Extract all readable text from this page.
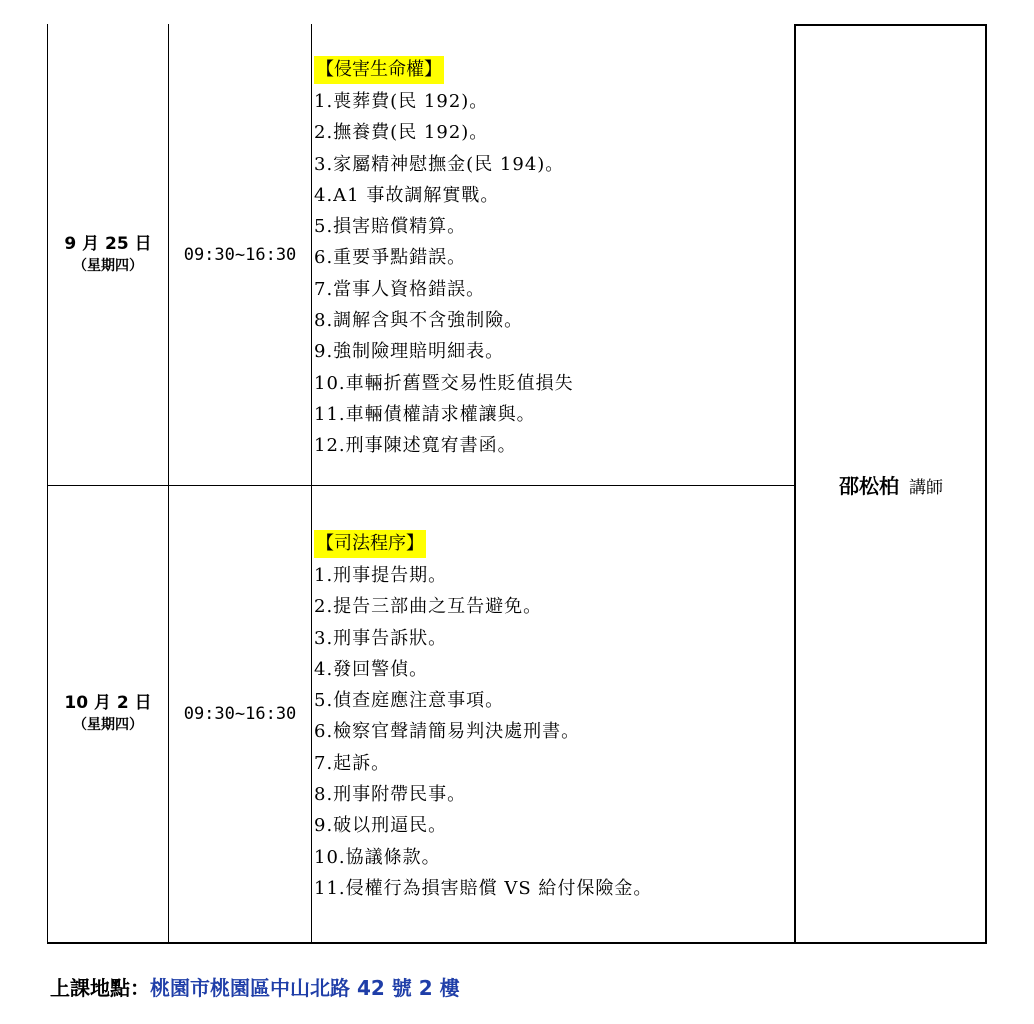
9 月 25 日
（星期四）
09:30~16:30
【侵害生命權】
1.喪葬費(民 192)。
2.撫養費(民 192)。
3.家屬精神慰撫金(民 194)。
4.A1 事故調解實戰。
5.損害賠償精算。
6.重要爭點錯誤。
7.當事人資格錯誤。
8.調解含與不含強制險。
9.強制險理賠明細表。
10.車輛折舊暨交易性貶值損失
11.車輛債權請求權讓與。
12.刑事陳述寬宥書函。
10 月 2 日
（星期四）
09:30~16:30
【司法程序】
1.刑事提告期。
2.提告三部曲之互告避免。
3.刑事告訴狀。
4.發回警偵。
5.偵查庭應注意事項。
6.檢察官聲請簡易判決處刑書。
7.起訴。
8.刑事附帶民事。
9.破以刑逼民。
10.協議條款。
11.侵權行為損害賠償 VS 給付保險金。
邵松柏 講師
上課地點：桃園市桃園區中山北路 42 號 2 樓
